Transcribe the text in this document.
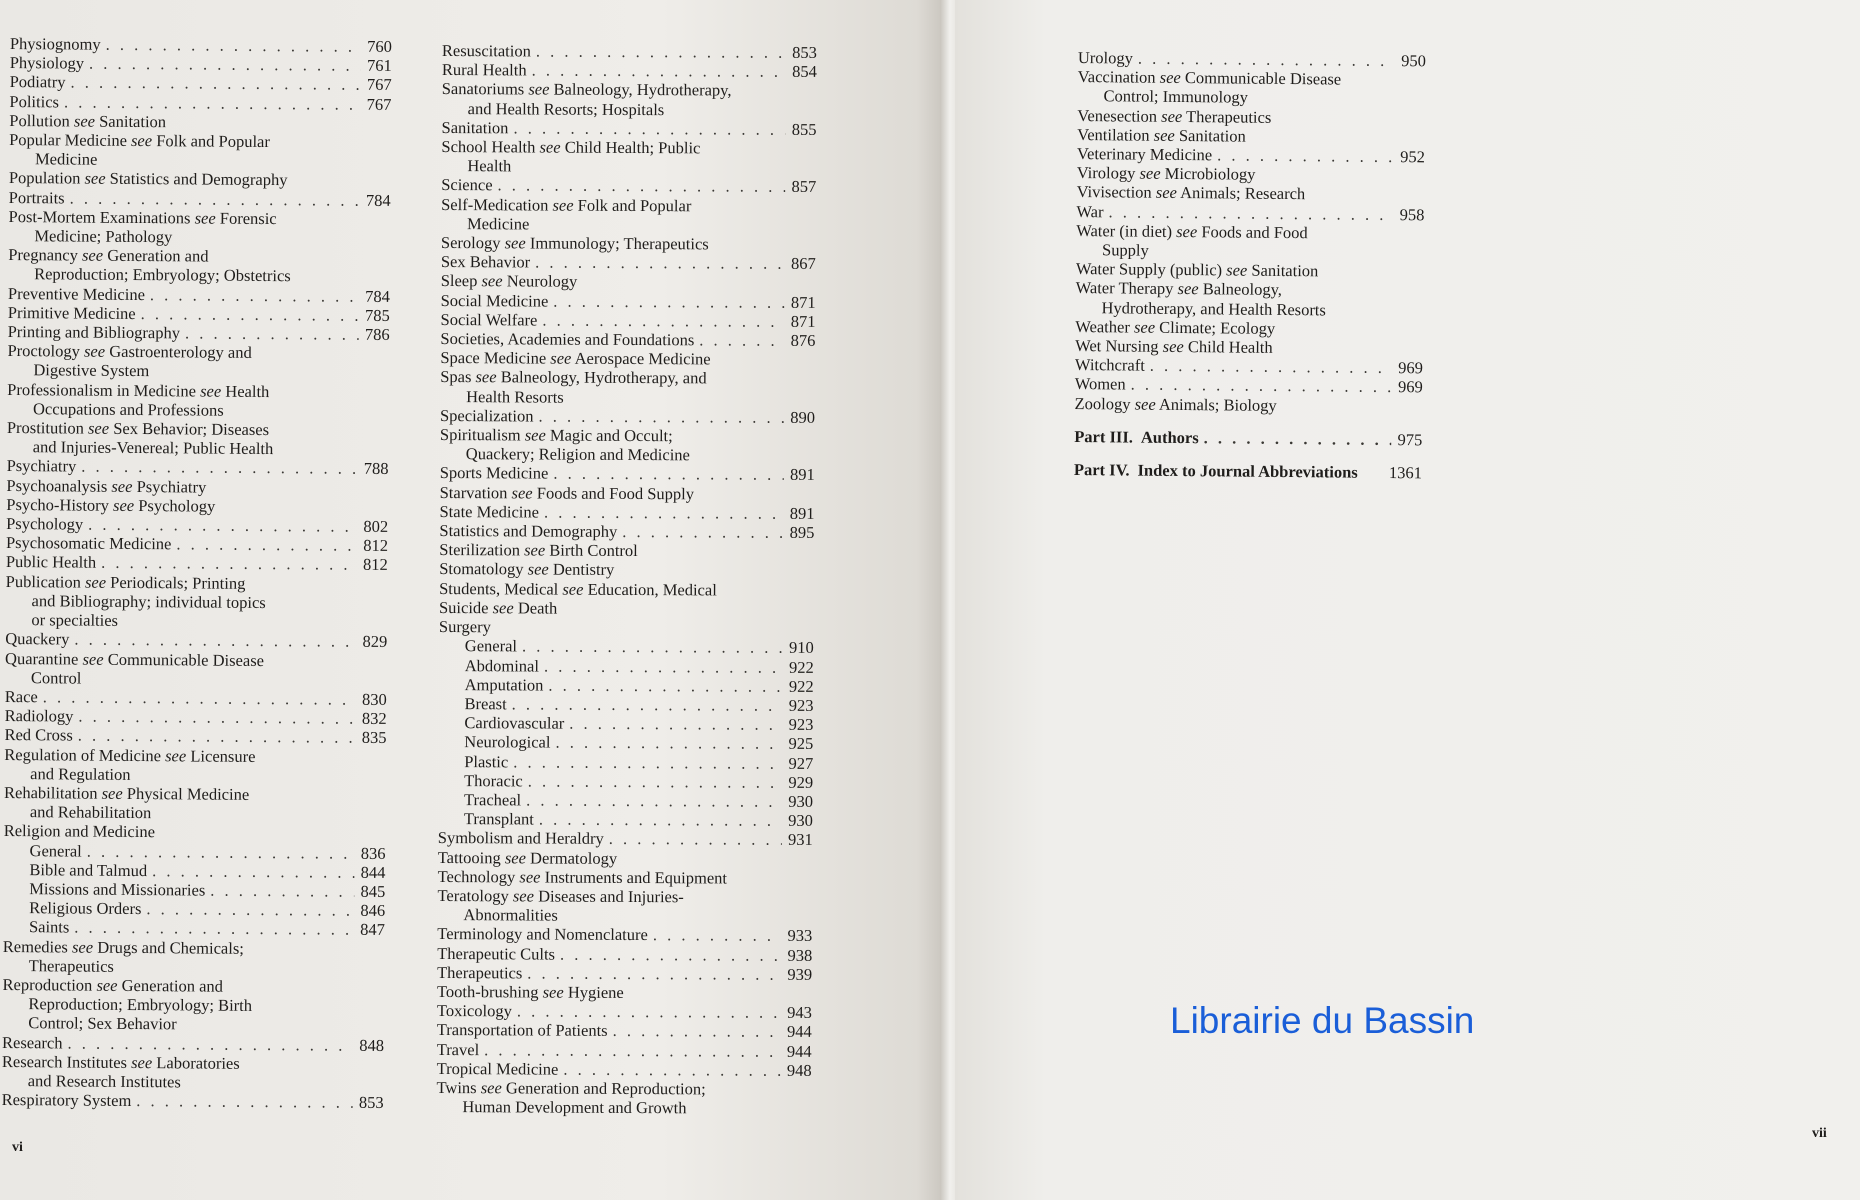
Physiognomy . . .	760
Physiology . . .	761
Podiatry . . .	767
Politics . . .	767
Pollution see Sanitation
Popular Medicine see Folk and Popular
Medicine
Population see Statistics and Demography
Portraits . . .	784
Post-Mortem Examinations see Forensic
Medicine; Pathology
Pregnancy see Generation and
Reproduction; Embryology; Obstetrics
Preventive Medicine . . .	784
Primitive Medicine . . .	785
Printing and Bibliography . . .	786
Proctology see Gastroenterology and
Digestive System
Professionalism in Medicine see Health
Occupations and Professions
Prostitution see Sex Behavior; Diseases
and Injuries-Venereal; Public Health
Psychiatry . . .	788
Psychoanalysis see Psychiatry
Psycho-History see Psychology
Psychology . . .	802
Psychosomatic Medicine . . .	812
Public Health . . .	812
Publication see Periodicals; Printing
and Bibliography; individual topics
or specialties
Quackery . . .	829
Quarantine see Communicable Disease
Control
Race . . .	830
Radiology . . .	832
Red Cross . . .	835
Regulation of Medicine see Licensure
and Regulation
Rehabilitation see Physical Medicine
and Rehabilitation
Religion and Medicine
General . . .	836
Bible and Talmud . . .	844
Missions and Missionaries . . .	845
Religious Orders . . .	846
Saints . . .	847
Remedies see Drugs and Chemicals;
Therapeutics
Reproduction see Generation and
Reproduction; Embryology; Birth
Control; Sex Behavior
Research . . .	848
Research Institutes see Laboratories
and Research Institutes
Respiratory System . . .	853
Resuscitation . . .	853
Rural Health . . .	854
Sanatoriums see Balneology, Hydrotherapy,
and Health Resorts; Hospitals
Sanitation . . .	855
School Health see Child Health; Public
Health
Science . . .	857
Self-Medication see Folk and Popular
Medicine
Serology see Immunology; Therapeutics
Sex Behavior . . .	867
Sleep see Neurology
Social Medicine . . .	871
Social Welfare . . .	871
Societies, Academies and Foundations . . .	876
Space Medicine see Aerospace Medicine
Spas see Balneology, Hydrotherapy, and
Health Resorts
Specialization . . .	890
Spiritualism see Magic and Occult;
Quackery; Religion and Medicine
Sports Medicine . . .	891
Starvation see Foods and Food Supply
State Medicine . . .	891
Statistics and Demography . . .	895
Sterilization see Birth Control
Stomatology see Dentistry
Students, Medical see Education, Medical
Suicide see Death
Surgery
General . . .	910
Abdominal . . .	922
Amputation . . .	922
Breast . . .	923
Cardiovascular . . .	923
Neurological . . .	925
Plastic . . .	927
Thoracic . . .	929
Tracheal . . .	930
Transplant . . .	930
Symbolism and Heraldry . . .	931
Tattooing see Dermatology
Technology see Instruments and Equipment
Teratology see Diseases and Injuries-
Abnormalities
Terminology and Nomenclature . . .	933
Therapeutic Cults . . .	938
Therapeutics . . .	939
Tooth-brushing see Hygiene
Toxicology . . .	943
Transportation of Patients . . .	944
Travel . . .	944
Tropical Medicine . . .	948
Twins see Generation and Reproduction;
Human Development and Growth
vi
Urology . . .	950
Vaccination see Communicable Disease
Control; Immunology
Venesection see Therapeutics
Ventilation see Sanitation
Veterinary Medicine . . .	952
Virology see Microbiology
Vivisection see Animals; Research
War . . .	958
Water (in diet) see Foods and Food
Supply
Water Supply (public) see Sanitation
Water Therapy see Balneology,
Hydrotherapy, and Health Resorts
Weather see Climate; Ecology
Wet Nursing see Child Health
Witchcraft . . .	969
Women . . .	969
Zoology see Animals; Biology
Part III. Authors . . .	975
Part IV. Index to Journal Abbreviations 1361
vii
Librairie du Bassin
